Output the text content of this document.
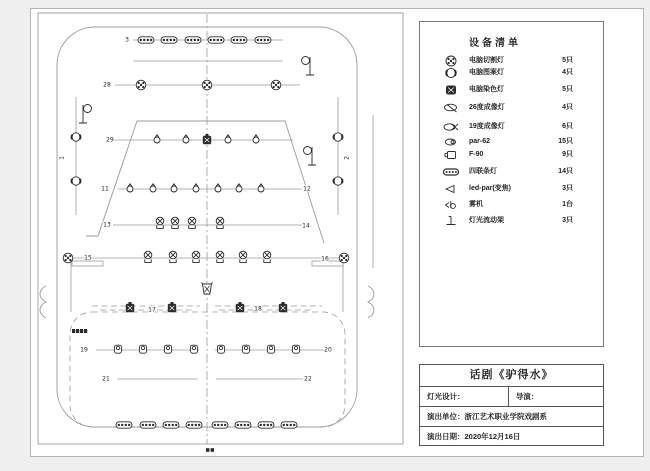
3
28
29
11	12
13	14
15	16
17	18
19	20
21	22
1	2
设备清单
电脑切割灯	5只
电脑图案灯	4只
电脑染色灯	5只
26度成像灯	4只
19度成像灯	6只
par-62	15只
F-90	9只
四联条灯	14只
led-par(变焦)	3只
雾机	1台
灯光流动架	3只
话剧《驴得水》
灯光设计：	导演：
演出单位：浙江艺术职业学院戏剧系
演出日期：2020年12月16日
